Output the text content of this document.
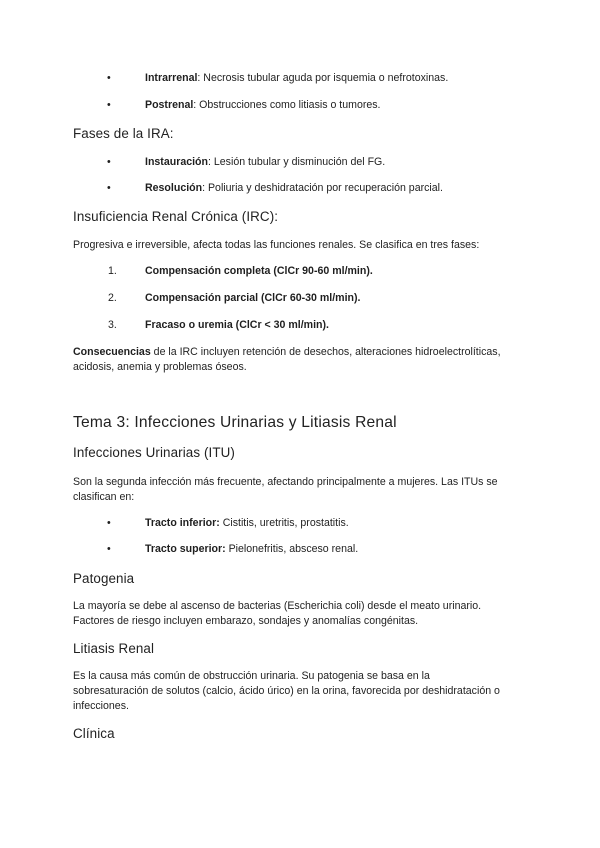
•	Intrarrenal: Necrosis tubular aguda por isquemia o nefrotoxinas.
•	Postrenal: Obstrucciones como litiasis o tumores.
Fases de la IRA:
•	Instauración: Lesión tubular y disminución del FG.
•	Resolución: Poliuria y deshidratación por recuperación parcial.
Insuficiencia Renal Crónica (IRC):
Progresiva e irreversible, afecta todas las funciones renales. Se clasifica en tres fases:
1.	Compensación completa (ClCr 90-60 ml/min).
2.	Compensación parcial (ClCr 60-30 ml/min).
3.	Fracaso o uremia (ClCr < 30 ml/min).
Consecuencias de la IRC incluyen retención de desechos, alteraciones hidroelectrolíticas,
acidosis, anemia y problemas óseos.
Tema 3: Infecciones Urinarias y Litiasis Renal
Infecciones Urinarias (ITU)
Son la segunda infección más frecuente, afectando principalmente a mujeres. Las ITUs se
clasifican en:
•	Tracto inferior: Cistitis, uretritis, prostatitis.
•	Tracto superior: Pielonefritis, absceso renal.
Patogenia
La mayoría se debe al ascenso de bacterias (Escherichia coli) desde el meato urinario.
Factores de riesgo incluyen embarazo, sondajes y anomalías congénitas.
Litiasis Renal
Es la causa más común de obstrucción urinaria. Su patogenia se basa en la
sobresaturación de solutos (calcio, ácido úrico) en la orina, favorecida por deshidratación o
infecciones.
Clínica
